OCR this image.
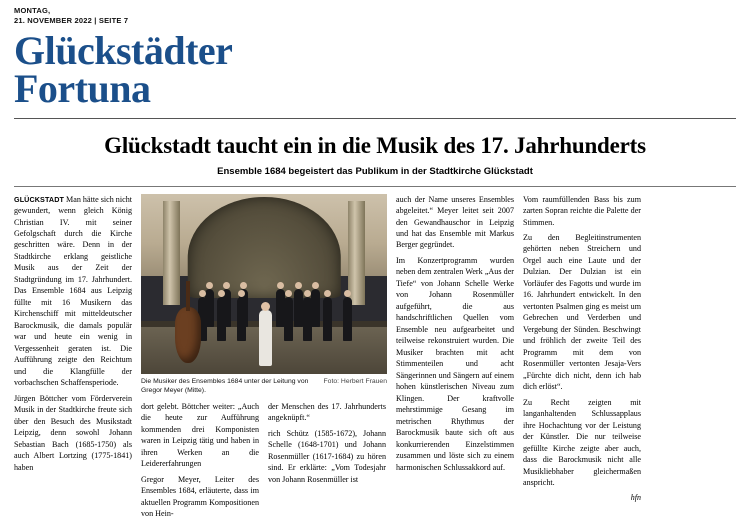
MONTAG,
21. NOVEMBER 2022 | SEITE 7
Glückstädter
Fortuna
Glückstadt taucht ein in die Musik des 17. Jahrhunderts
Ensemble 1684 begeistert das Publikum in der Stadtkirche Glückstadt

GLÜCKSTADT Man hätte sich nicht gewundert, wenn gleich König Christian IV. mit seiner Gefolgschaft durch die Kirche geschritten wäre. Denn in der Stadtkirche erklang geistliche Musik aus der Zeit der Stadtgründung im 17. Jahrhundert. Das Ensemble 1684 aus Leipzig füllte mit 16 Musikern das Kirchenschiff mit mitteldeutscher Barockmusik, die damals populär war und heute ein wenig in Vergessenheit geraten ist. Die Aufführung zeigte den Reichtum und die Klangfülle der vorbachschen Schaffensperiode.

Jürgen Böttcher vom Förderverein Musik in der Stadtkirche freute sich über den Besuch des Musikstadt Leipzig, denn sowohl Johann Sebastian Bach (1685-1750) als auch Albert Lortzing (1775-1841) haben

Die Musiker des Ensembles 1684 unter der Leitung von Gregor Meyer (Mitte).
Foto: Herbert Frauen

dort gelebt. Böttcher weiter: „Auch die heute zur Aufführung kommenden drei Komponisten waren in Leipzig tätig und haben in ihren Werken an die Leidererfahrungen

Gregor Meyer, Leiter des Ensembles 1684, erläuterte, dass im aktuellen Programm Kompositionen von Hein-

der Menschen des 17. Jahrhunderts angeknüpft.“

rich Schütz (1585-1672), Johann Schelle (1648-1701) und Johann Rosenmüller (1617-1684) zu hören sind. Er erklärte: „Vom Todesjahr von Johann Rosenmüller ist

auch der Name unseres Ensembles abgeleitet.“ Meyer leitet seit 2007 den Gewandhauschor in Leipzig und hat das Ensemble mit Markus Berger gegründet.

Im Konzertprogramm wurden neben dem zentralen Werk „Aus der Tiefe“ von Johann Schelle Werke von Johann Rosenmüller aufgeführt, die aus handschriftlichen Quellen vom Ensemble neu aufgearbeitet und teilweise rekonstruiert wurden. Die Musiker brachten mit acht Stimmenteilen und acht Sängerinnen und Sängern auf einem hohen künstlerischen Niveau zum Klingen. Der kraftvolle mehrstimmige Gesang im metrischen Rhythmus der Barockmusik baute sich oft aus konkurrierenden Einzelstimmen zusammen und löste sich zu einem harmonischen Schlussakkord auf.

Vom raumfüllenden Bass bis zum zarten Sopran reichte die Palette der Stimmen.

Zu den Begleitinstrumenten gehörten neben Streichern und Orgel auch eine Laute und der Dulzian. Der Dulzian ist ein Vorläufer des Fagotts und wurde im 16. Jahrhundert entwickelt. In den vertonten Psalmen ging es meist um Gebrechen und Verderben und Vergebung der Sünden. Beschwingt und fröhlich der zweite Teil des Programm mit dem von Rosenmüller vertonten Jesaja-Vers „Fürchte dich nicht, denn ich hab dich erlöst“.

Zu Recht zeigten mit langanhaltenden Schlussapplaus ihre Hochachtung vor der Leistung der Künstler. Die nur teilweise gefüllte Kirche zeigte aber auch, dass die Barockmusik nicht alle Musikliebhaber gleichermaßen anspricht.

hfn
